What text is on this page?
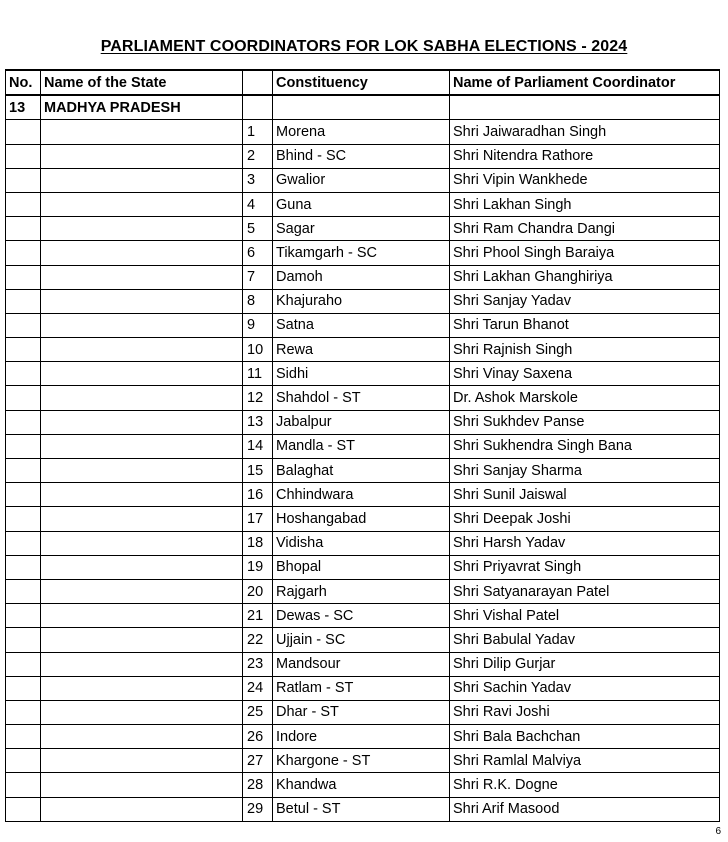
PARLIAMENT COORDINATORS FOR LOK SABHA ELECTIONS - 2024
No.	Name of the State		Constituency	Name of Parliament Coordinator
13	MADHYA PRADESH			
		1	Morena	Shri Jaiwaradhan Singh
		2	Bhind - SC	Shri Nitendra Rathore
		3	Gwalior	Shri Vipin Wankhede
		4	Guna	Shri Lakhan Singh
		5	Sagar	Shri Ram Chandra Dangi
		6	Tikamgarh - SC	Shri Phool Singh Baraiya
		7	Damoh	Shri Lakhan Ghanghiriya
		8	Khajuraho	Shri Sanjay Yadav
		9	Satna	Shri Tarun Bhanot
		10	Rewa	Shri Rajnish Singh
		11	Sidhi	Shri Vinay Saxena
		12	Shahdol - ST	Dr. Ashok Marskole
		13	Jabalpur	Shri Sukhdev Panse
		14	Mandla - ST	Shri Sukhendra Singh Bana
		15	Balaghat	Shri Sanjay Sharma
		16	Chhindwara	Shri Sunil Jaiswal
		17	Hoshangabad	Shri Deepak Joshi
		18	Vidisha	Shri Harsh Yadav
		19	Bhopal	Shri Priyavrat Singh
		20	Rajgarh	Shri Satyanarayan Patel
		21	Dewas - SC	Shri Vishal Patel
		22	Ujjain - SC	Shri Babulal Yadav
		23	Mandsour	Shri Dilip Gurjar
		24	Ratlam - ST	Shri Sachin Yadav
		25	Dhar - ST	Shri Ravi Joshi
		26	Indore	Shri Bala Bachchan
		27	Khargone - ST	Shri Ramlal Malviya
		28	Khandwa	Shri R.K. Dogne
		29	Betul - ST	Shri Arif Masood
6
